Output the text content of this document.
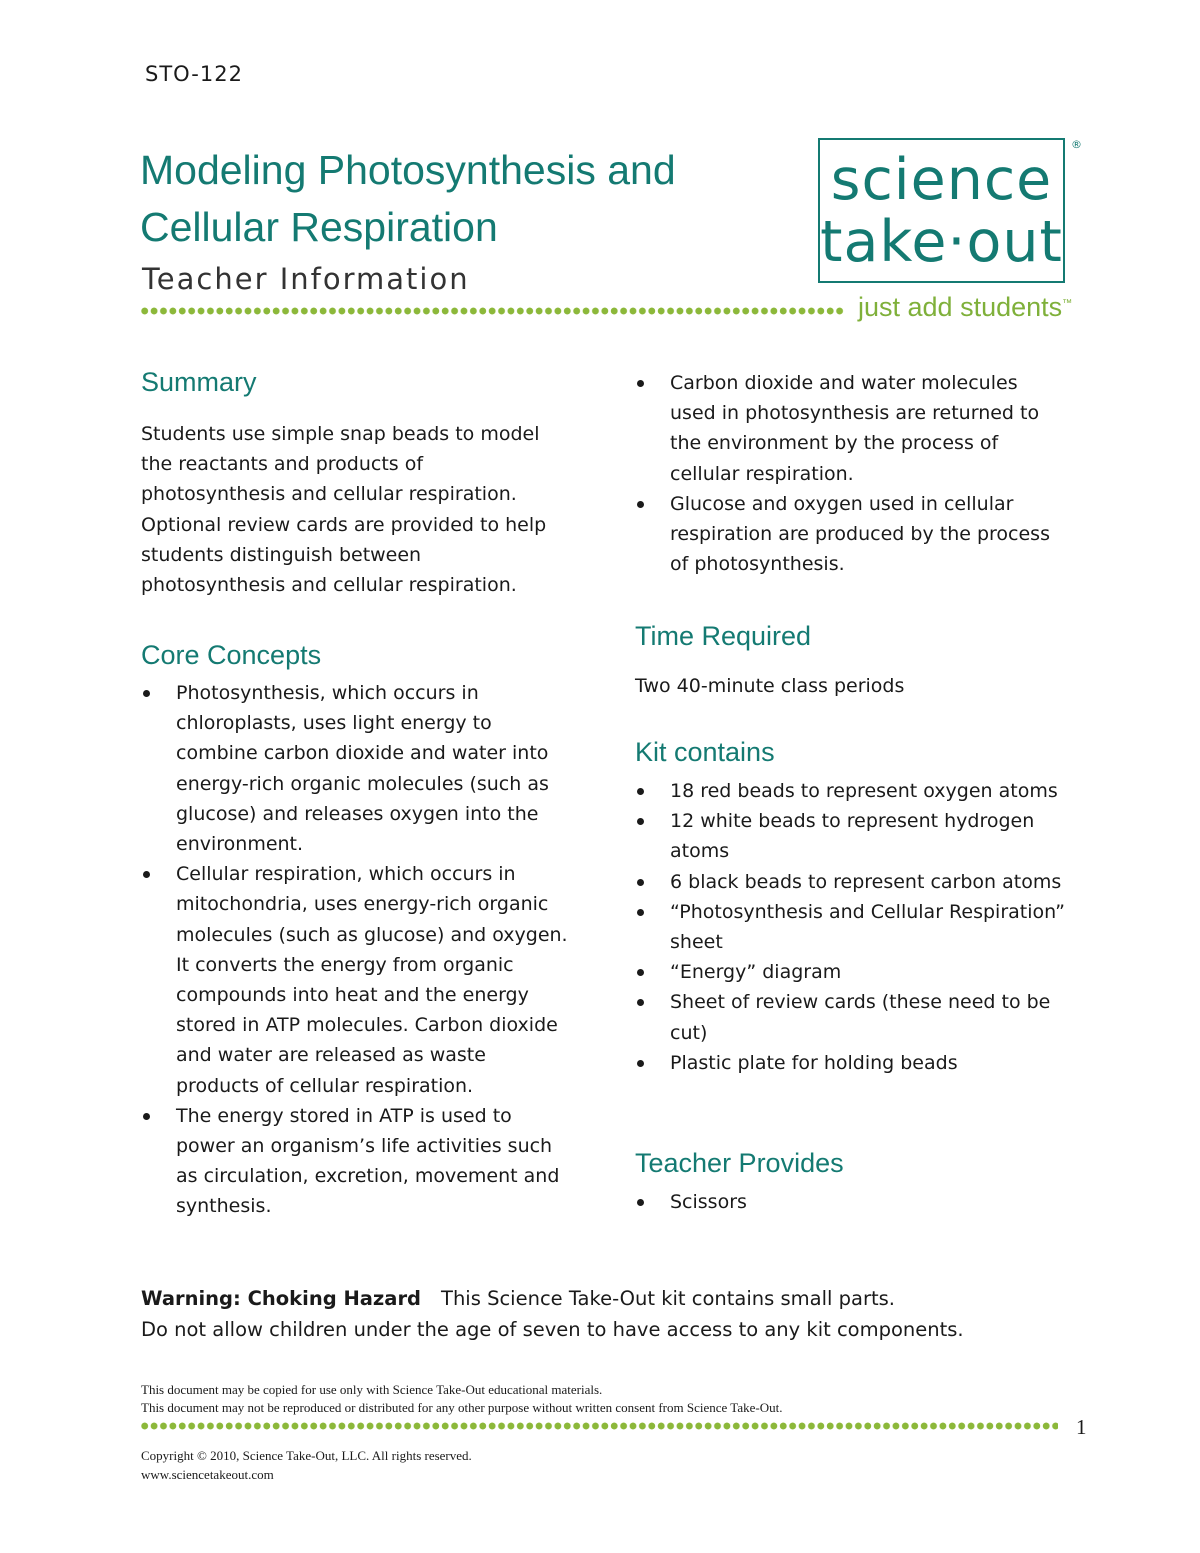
STO-122
Modeling Photosynthesis and
Cellular Respiration
Teacher Information
science
take·out
®
just add students™
Summary
Students use simple snap beads to model
the reactants and products of
photosynthesis and cellular respiration.
Optional review cards are provided to help
students distinguish between
photosynthesis and cellular respiration.
Core Concepts
Photosynthesis, which occurs in chloroplasts, uses light energy to combine carbon dioxide and water into energy-rich organic molecules (such as glucose) and releases oxygen into the environment.
Cellular respiration, which occurs in mitochondria, uses energy-rich organic molecules (such as glucose) and oxygen. It converts the energy from organic compounds into heat and the energy stored in ATP molecules. Carbon dioxide and water are released as waste products of cellular respiration.
The energy stored in ATP is used to power an organism’s life activities such as circulation, excretion, movement and synthesis.
Carbon dioxide and water molecules used in photosynthesis are returned to the environment by the process of cellular respiration.
Glucose and oxygen used in cellular respiration are produced by the process of photosynthesis.
Time Required
Two 40-minute class periods
Kit contains
18 red beads to represent oxygen atoms
12 white beads to represent hydrogen atoms
6 black beads to represent carbon atoms
“Photosynthesis and Cellular Respiration” sheet
“Energy” diagram
Sheet of review cards (these need to be cut)
Plastic plate for holding beads
Teacher Provides
Scissors
Warning: Choking Hazard This Science Take-Out kit contains small parts.
Do not allow children under the age of seven to have access to any kit components.
This document may be copied for use only with Science Take-Out educational materials.
This document may not be reproduced or distributed for any other purpose without written consent from Science Take-Out.
1
Copyright © 2010, Science Take-Out, LLC. All rights reserved.
www.sciencetakeout.com
